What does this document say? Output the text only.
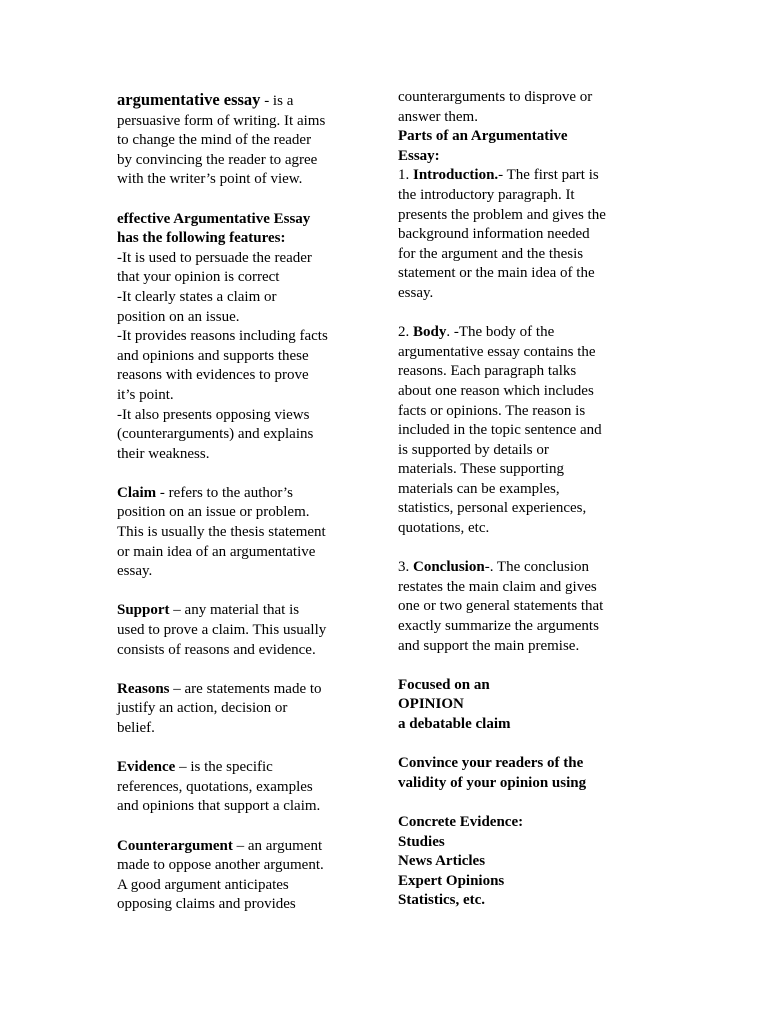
argumentative essay - is a
persuasive form of writing. It aims
to change the mind of the reader
by convincing the reader to agree
with the writer’s point of view.
effective Argumentative Essay
has the following features:
-It is used to persuade the reader
that your opinion is correct
-It clearly states a claim or
position on an issue.
-It provides reasons including facts
and opinions and supports these
reasons with evidences to prove
it’s point.
-It also presents opposing views
(counterarguments) and explains
their weakness.
Claim - refers to the author’s
position on an issue or problem.
This is usually the thesis statement
or main idea of an argumentative
essay.
Support – any material that is
used to prove a claim. This usually
consists of reasons and evidence.
Reasons – are statements made to
justify an action, decision or
belief.
Evidence – is the specific
references, quotations, examples
and opinions that support a claim.
Counterargument – an argument
made to oppose another argument.
A good argument anticipates
opposing claims and provides
counterarguments to disprove or
answer them.
Parts of an Argumentative
Essay:
1. Introduction.- The first part is
the introductory paragraph. It
presents the problem and gives the
background information needed
for the argument and the thesis
statement or the main idea of the
essay.
2. Body. -The body of the
argumentative essay contains the
reasons. Each paragraph talks
about one reason which includes
facts or opinions. The reason is
included in the topic sentence and
is supported by details or
materials. These supporting
materials can be examples,
statistics, personal experiences,
quotations, etc.
3. Conclusion-. The conclusion
restates the main claim and gives
one or two general statements that
exactly summarize the arguments
and support the main premise.
Focused on an
OPINION
a debatable claim
Convince your readers of the
validity of your opinion using
Concrete Evidence:
Studies
News Articles
Expert Opinions
Statistics, etc.
